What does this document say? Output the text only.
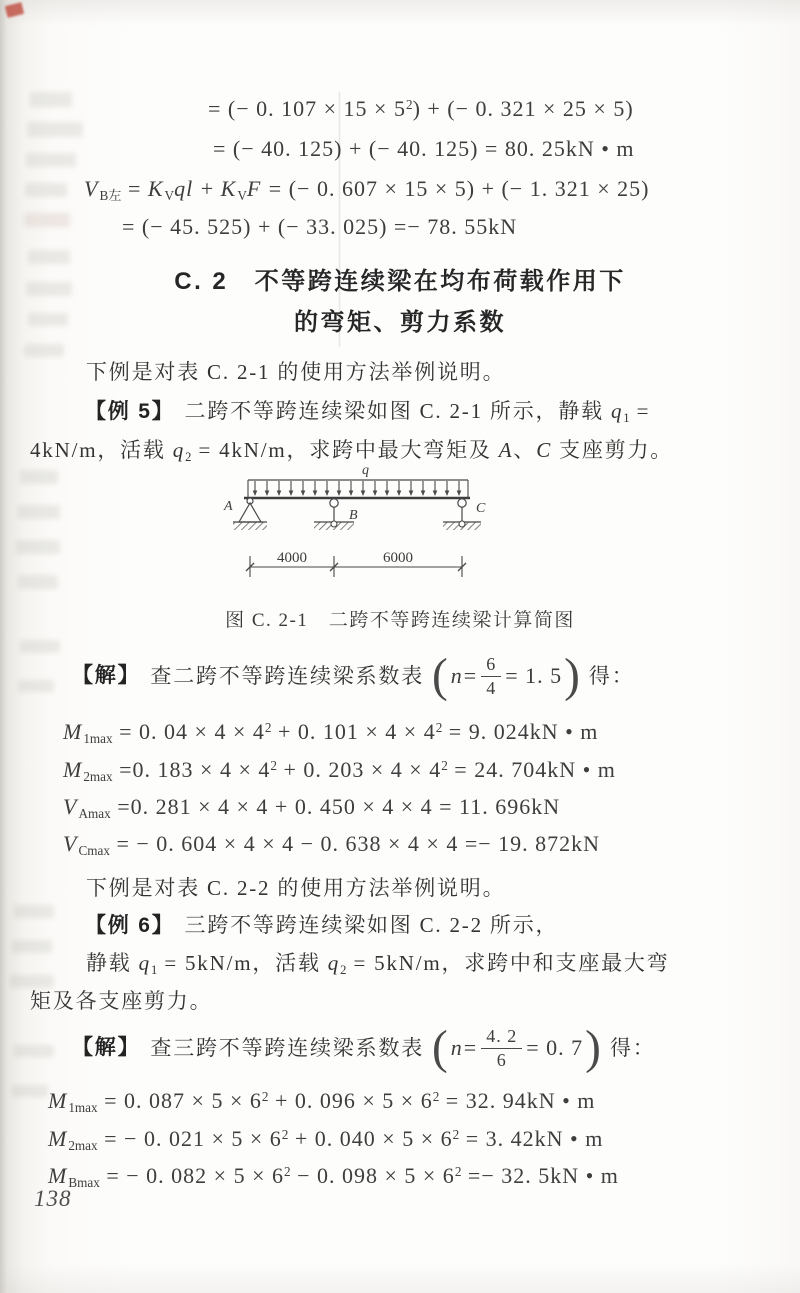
= (− 0. $107 \times 15 \times 5^2$) + (− 0. 321 × 25 × 5)
= (− 40. 125) + (− 40. 125) = 80. 25kN • m
$V_{B左} = K_Vql + K_VF$ = (− 0. 607 × 15 × 5) + (− 1. 321 × 25)
= (− 45. 525) + (− 33. 025) =− 78. 55kN
C. 2　不等跨连续梁在均布荷载作用下
的弯矩、剪力系数
下例是对表 C. 2-1 的使用方法举例说明。
【例 5】 二跨不等跨连续梁如图 C. 2-1 所示，静载 $q_1$ =
4kN/m，活载 $q_2 = 4kN/m$，求跨中最大弯矩及 A、C 支座剪力。
q
A
B	C
4000	6000
图 C. 2-1　二跨不等跨连续梁计算简图
【解】 查二跨不等跨连续梁系数表 ( $n = \frac{6}{4} = 1$. 5 ) 得：
$M_{1max} = 0$. $04 \times 4 \times 4^2 + 0$. $101 \times 4 \times 4^2 = 9$. 024kN • m
$M_{2max} =0$. $183 \times 4 \times 4^2 + 0$. $203 \times 4 \times 4^2 = 24$. 704kN • m
$V_{Amax} =0$. 281 × 4 × 4 + 0. 450 × 4 × 4 = 11. 696kN
$V_{Cmax}$ = − 0. 604 × 4 × 4 − 0. 638 × 4 × 4 =− 19. 872kN
下例是对表 C. 2-2 的使用方法举例说明。
【例 6】 三跨不等跨连续梁如图 C. 2-2 所示，
静载 $q_1 = 5kN/m$，活载 $q_2 = 5kN/m$，求跨中和支座最大弯
矩及各支座剪力。
【解】 查三跨不等跨连续梁系数表 ( $n = \frac{4. 2}{6} = 0$. 7 ) 得：
$M_{1max} = 0$. $087 \times 5 \times 6^2 + 0$. $096 \times 5 \times 6^2 = 32$. 94kN • m
$M_{2max}$ = − 0. $021 \times 5 \times 6^2 + 0$. $040 \times 5 \times 6^2 = 3$. 42kN • m
$M_{Bmax}$ = − 0. $082 \times 5 \times 6^2 - 0$. $098 \times 5 \times 6^2 =- 32$. 5kN • m
138
